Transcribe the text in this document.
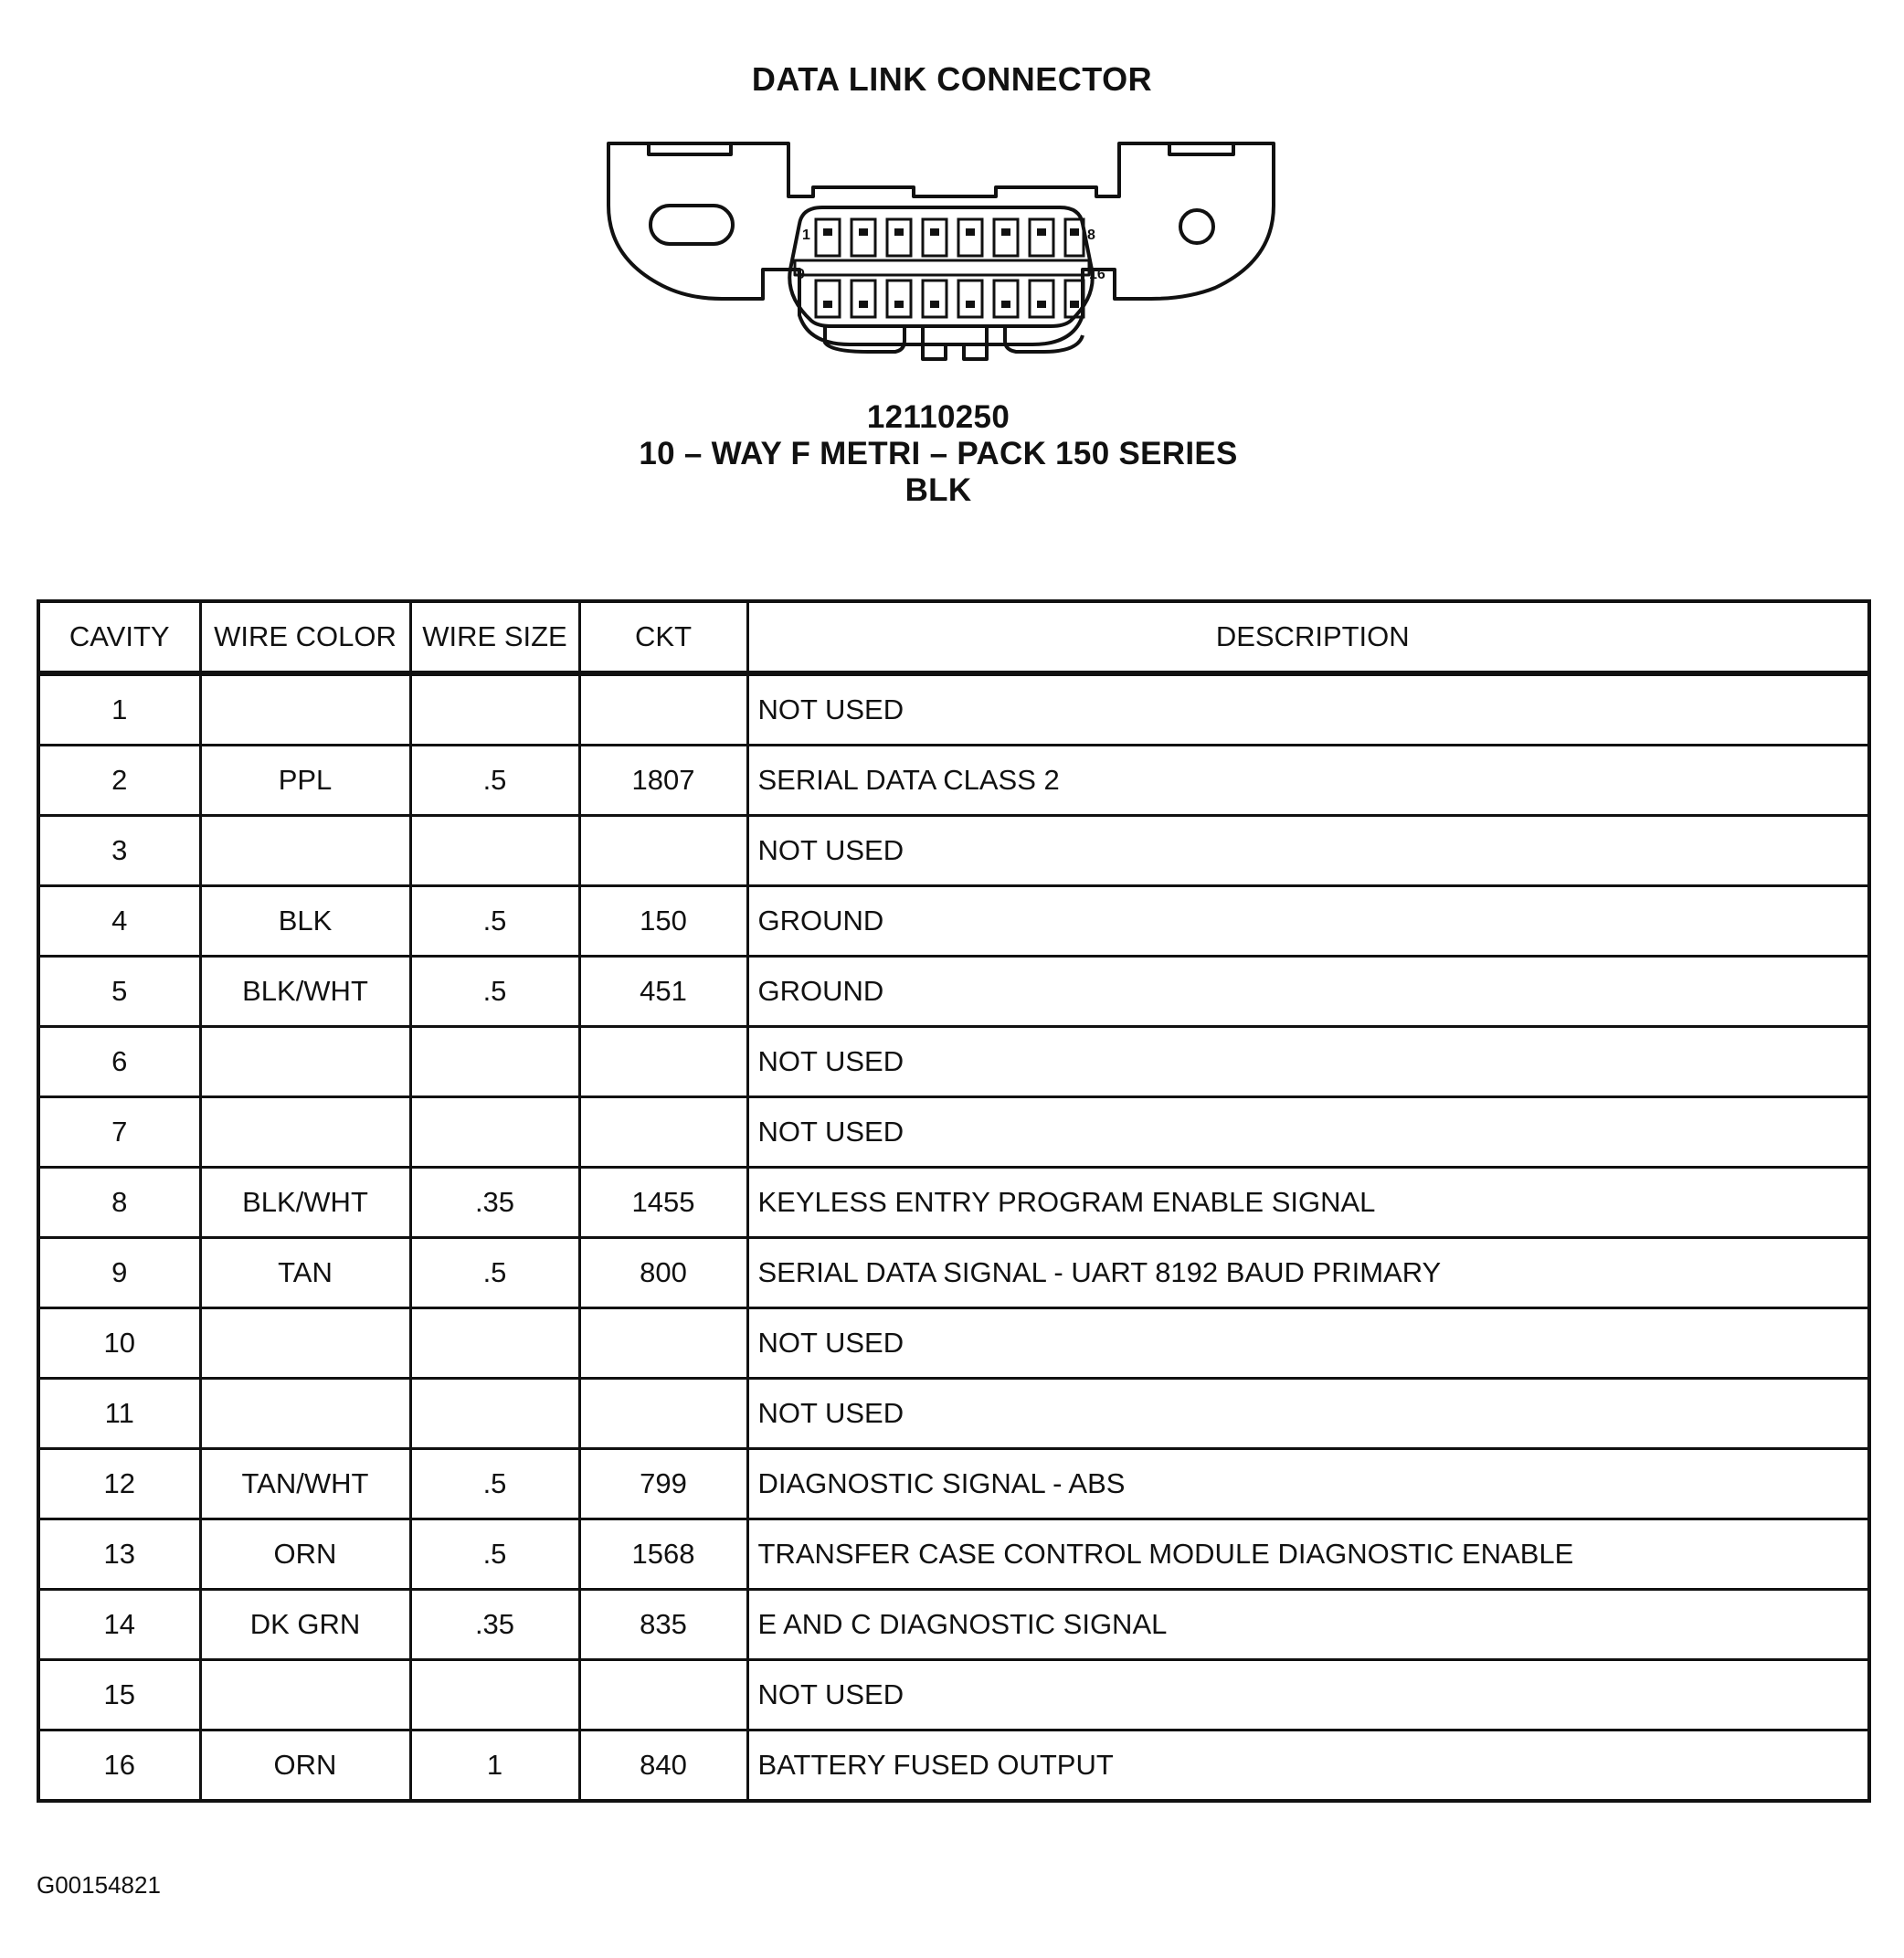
DATA LINK CONNECTOR
1	8
9	16
12110250
10 – WAY F METRI – PACK 150 SERIES
BLK
CAVITY	WIRE COLOR	WIRE SIZE	CKT	DESCRIPTION
1				NOT USED
2	PPL	.5	1807	SERIAL DATA CLASS 2
3				NOT USED
4	BLK	.5	150	GROUND
5	BLK/WHT	.5	451	GROUND
6				NOT USED
7				NOT USED
8	BLK/WHT	.35	1455	KEYLESS ENTRY PROGRAM ENABLE SIGNAL
9	TAN	.5	800	SERIAL DATA SIGNAL - UART 8192 BAUD PRIMARY
10				NOT USED
11				NOT USED
12	TAN/WHT	.5	799	DIAGNOSTIC SIGNAL - ABS
13	ORN	.5	1568	TRANSFER CASE CONTROL MODULE DIAGNOSTIC ENABLE
14	DK GRN	.35	835	E AND C DIAGNOSTIC SIGNAL
15				NOT USED
16	ORN	1	840	BATTERY FUSED OUTPUT
G00154821
